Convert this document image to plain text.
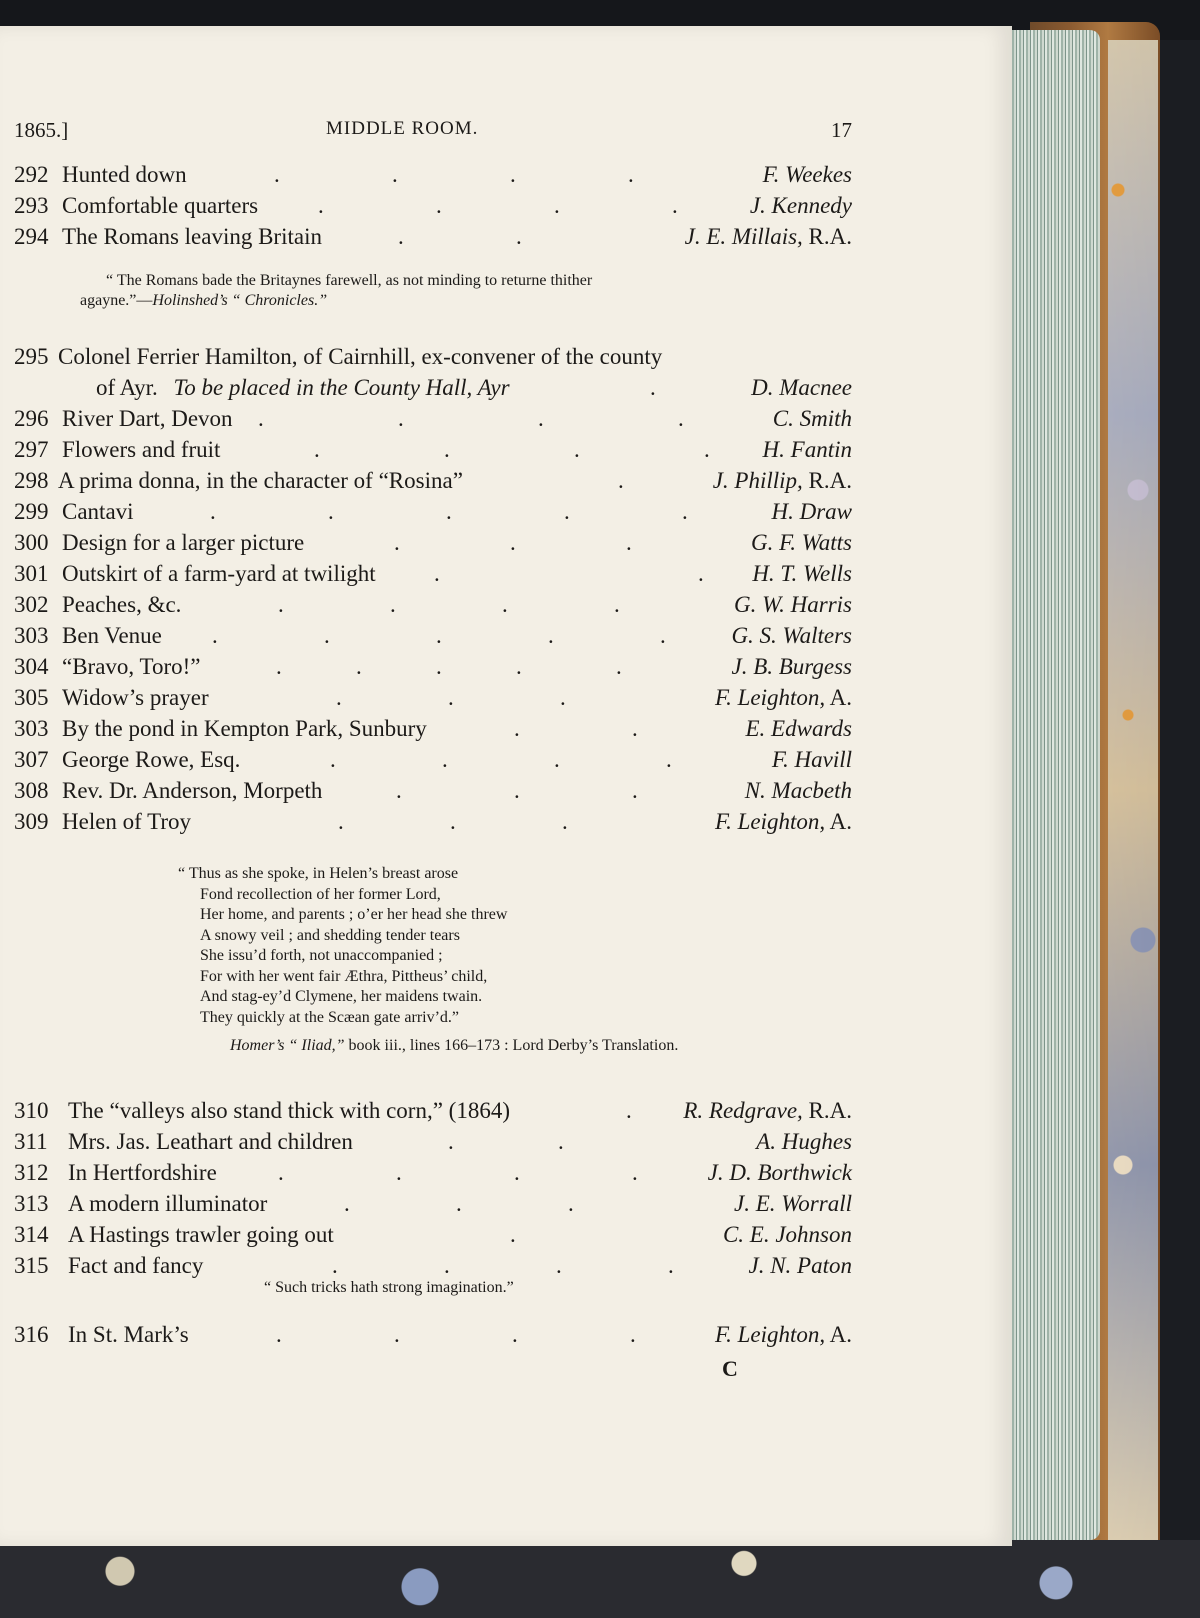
1865.]	MIDDLE ROOM.	17
292 Hunted down	.	.	.	.	F. Weekes
293 Comfortable quarters	.	.	.	.	J. Kennedy
294 The Romans leaving Britain	.	.	J. E. Millais, R.A.
“ The Romans bade the Britaynes farewell, as not minding to returne thither
agayne.”—Holinshed’s “ Chronicles.”
295 Colonel Ferrier Hamilton, of Cairnhill, ex-convener of the county
of Ayr. To be placed in the County Hall, Ayr	.	D. Macnee
296 River Dart, Devon .	.	.	.	C. Smith
297 Flowers and fruit	.	.	.	. H. Fantin
298 A prima donna, in the character of “Rosina”	.	J. Phillip, R.A.
299 Cantavi	.	.	.	.	.	H. Draw
300 Design for a larger picture	.	.	.	G. F. Watts
301 Outskirt of a farm-yard at twilight	.	. H. T. Wells
302 Peaches, &c.	.	.	.	.	G. W. Harris
303 Ben Venue .	.	.	.	.	G. S. Walters
304 “Bravo, Toro!”	.	.	.	.	.	J. B. Burgess
305 Widow’s prayer	.	.	.	F. Leighton, A.
303 By the pond in Kempton Park, Sunbury	.	.	E. Edwards
307 George Rowe, Esq.	.	.	.	.	F. Havill
308 Rev. Dr. Anderson, Morpeth	.	.	.	N. Macbeth
309 Helen of Troy	.	.	.	F. Leighton, A.
“ Thus as she spoke, in Helen’s breast arose
Fond recollection of her former Lord,
Her home, and parents ; o’er her head she threw
A snowy veil ; and shedding tender tears
She issu’d forth, not unaccompanied ;
For with her went fair Æthra, Pittheus’ child,
And stag-ey’d Clymene, her maidens twain.
They quickly at the Scæan gate arriv’d.”
Homer’s “ Iliad,” book iii., lines 166–173 : Lord Derby’s Translation.
310 The “valleys also stand thick with corn,” (1864)	. R. Redgrave, R.A.
311 Mrs. Jas. Leathart and children	.	.	A. Hughes
312 In Hertfordshire	.	.	.	.	J. D. Borthwick
313 A modern illuminator	.	.	.	J. E. Worrall
314 A Hastings trawler going out	.	C. E. Johnson
315 Fact and fancy	.	.	.	.	J. N. Paton
“ Such tricks hath strong imagination.”
316 In St. Mark’s	.	.	.	.	F. Leighton, A.
C
